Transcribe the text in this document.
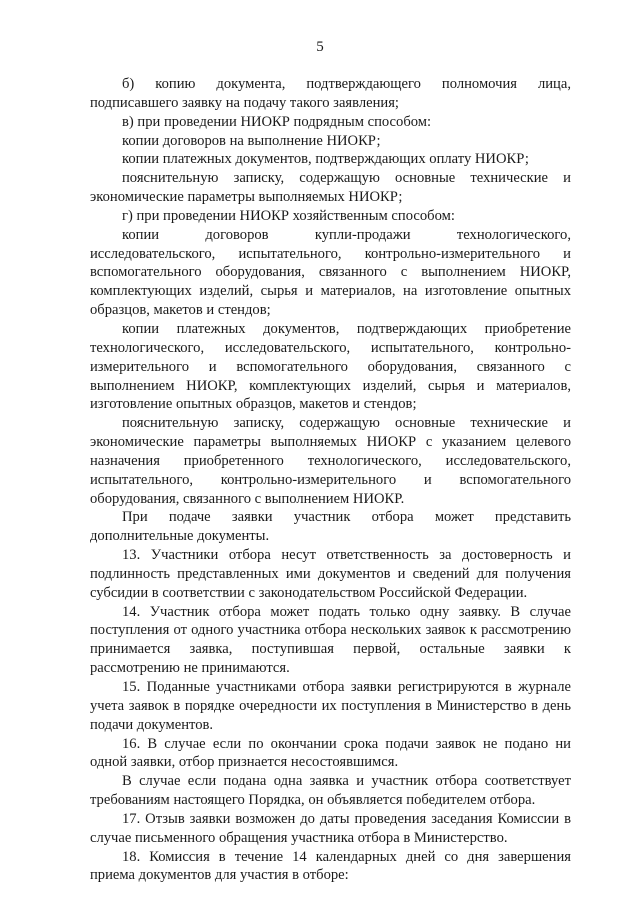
5

б) копию документа, подтверждающего полномочия лица, подписавшего заявку на подачу такого заявления;

в) при проведении НИОКР подрядным способом:

копии договоров на выполнение НИОКР;

копии платежных документов, подтверждающих оплату НИОКР;

пояснительную записку, содержащую основные технические и экономические параметры выполняемых НИОКР;

г) при проведении НИОКР хозяйственным способом:

копии договоров купли-продажи технологического, исследовательского, испытательного, контрольно-измерительного и вспомогательного оборудования, связанного с выполнением НИОКР, комплектующих изделий, сырья и материалов, на изготовление опытных образцов, макетов и стендов;

копии платежных документов, подтверждающих приобретение технологического, исследовательского, испытательного, контрольно-измерительного и вспомогательного оборудования, связанного с выполнением НИОКР, комплектующих изделий, сырья и материалов, изготовление опытных образцов, макетов и стендов;

пояснительную записку, содержащую основные технические и экономические параметры выполняемых НИОКР с указанием целевого назначения приобретенного технологического, исследовательского, испытательного, контрольно-измерительного и вспомогательного оборудования, связанного с выполнением НИОКР.

При подаче заявки участник отбора может представить дополнительные документы.

13. Участники отбора несут ответственность за достоверность и подлинность представленных ими документов и сведений для получения субсидии в соответствии с законодательством Российской Федерации.

14. Участник отбора может подать только одну заявку. В случае поступления от одного участника отбора нескольких заявок к рассмотрению принимается заявка, поступившая первой, остальные заявки к рассмотрению не принимаются.

15. Поданные участниками отбора заявки регистрируются в журнале учета заявок в порядке очередности их поступления в Министерство в день подачи документов.

16. В случае если по окончании срока подачи заявок не подано ни одной заявки, отбор признается несостоявшимся.

В случае если подана одна заявка и участник отбора соответствует требованиям настоящего Порядка, он объявляется победителем отбора.

17. Отзыв заявки возможен до даты проведения заседания Комиссии в случае письменного обращения участника отбора в Министерство.

18. Комиссия в течение 14 календарных дней со дня завершения приема документов для участия в отборе:
